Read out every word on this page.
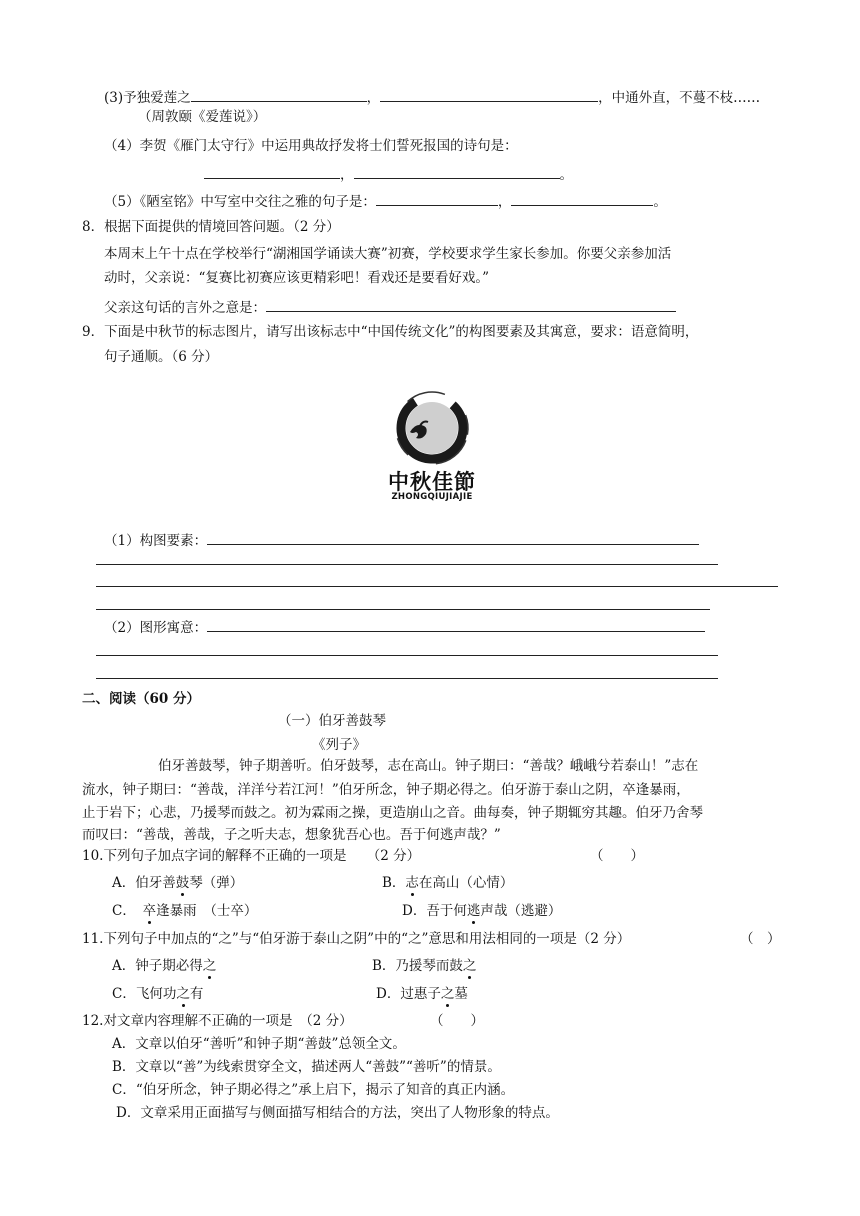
(3)予独爱莲之	，	，中通外直，不蔓不枝……
（周敦颐《爱莲说》）
（4）李贺《雁门太守行》中运用典故抒发将士们誓死报国的诗句是：
，	。
（5）《陋室铭》中写室中交往之雅的句子是：	，	。
8．根据下面提供的情境回答问题。（2 分）
本周末上午十点在学校举行“湖湘国学诵读大赛”初赛，学校要求学生家长参加。你要父亲参加活
动时，父亲说：“复赛比初赛应该更精彩吧！看戏还是要看好戏。”
父亲这句话的言外之意是：
9．下面是中秋节的标志图片，请写出该标志中“中国传统文化”的构图要素及其寓意，要求：语意简明，
句子通顺。（6 分）
中秋佳節
ZHONGQIUJIAJIE
（1）构图要素：
（2）图形寓意：
二、阅读（60 分）
（一）伯牙善鼓琴
《列子》
伯牙善鼓琴，钟子期善听。伯牙鼓琴，志在高山。钟子期曰：“善哉？峨峨兮若泰山！”志在
流水，钟子期曰：“善哉，洋洋兮若江河！”伯牙所念，钟子期必得之。伯牙游于泰山之阴，卒逢暴雨，
止于岩下；心悲，乃援琴而鼓之。初为霖雨之操，更造崩山之音。曲每奏，钟子期辄穷其趣。伯牙乃舍琴
而叹曰：“善哉，善哉，子之听夫志，想象犹吾心也。吾于何逃声哉？”
10.下列句子加点字词的解释不正确的一项是　　（2 分）	（　　）
A．伯牙善鼓琴（弹）	B．志在高山（心情）
C．　卒逢暴雨　（士卒）	D．吾于何逃声哉（逃避）
11.下列句子中加点的“之”与“伯牙游于泰山之阴”中的“之”意思和用法相同的一项是（2 分）	（　）
A．钟子期必得之	B．乃援琴而鼓之
C．飞何功之有	D．过惠子之墓
12.对文章内容理解不正确的一项是　（2 分）	（　　）
A．文章以伯牙“善听”和钟子期“善鼓”总领全文。
B．文章以“善”为线索贯穿全文，描述两人“善鼓”“善听”的情景。
C．“伯牙所念，钟子期必得之”承上启下，揭示了知音的真正内涵。
D．文章采用正面描写与侧面描写相结合的方法，突出了人物形象的特点。
